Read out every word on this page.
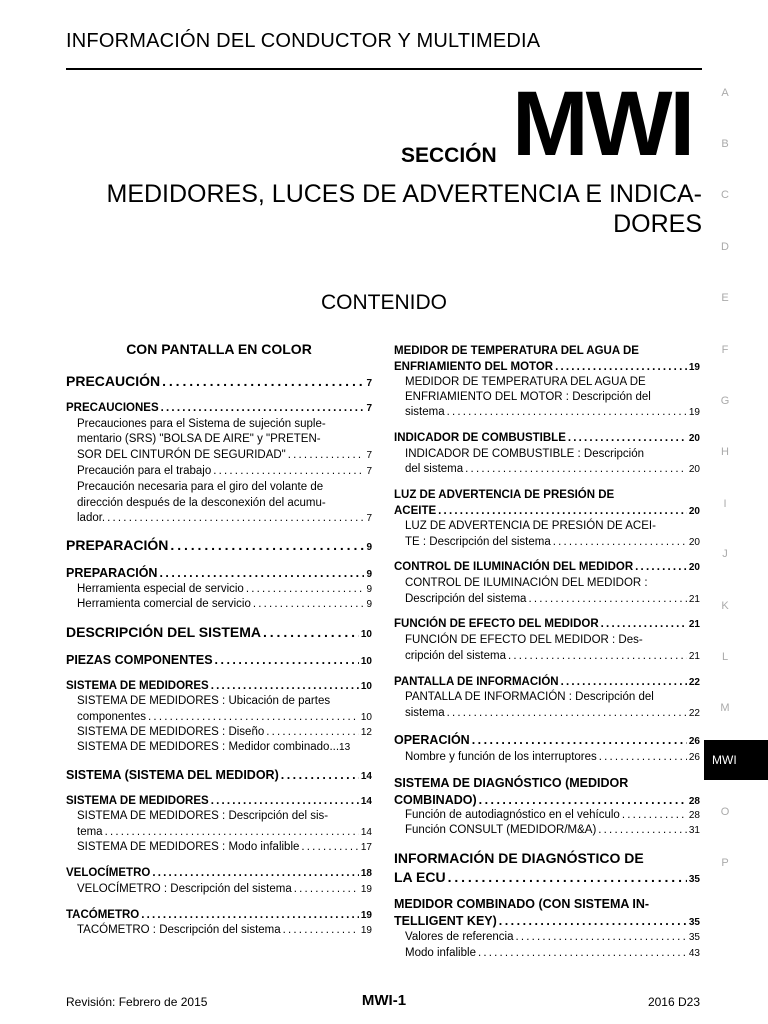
INFORMACIÓN DEL CONDUCTOR Y MULTIMEDIA
SECCIÓN MWI
MEDIDORES, LUCES DE ADVERTENCIA E INDICA-
DORES
CONTENIDO
CON PANTALLA EN COLOR
PRECAUCIÓN . . .	7
PRECAUCIONES . . .	7
Precauciones para el Sistema de sujeción suple-
mentario (SRS) "BOLSA DE AIRE" y "PRETEN-
SOR DEL CINTURÓN DE SEGURIDAD" . . .	7
Precaución para el trabajo . . .	7
Precaución necesaria para el giro del volante de
dirección después de la desconexión del acumu-
lador. . . .	7
PREPARACIÓN . . .	9
PREPARACIÓN . . .	9
Herramienta especial de servicio . . .	9
Herramienta comercial de servicio . . .	9
DESCRIPCIÓN DEL SISTEMA . . .	10
PIEZAS COMPONENTES . . .	10
SISTEMA DE MEDIDORES . . .	10
SISTEMA DE MEDIDORES : Ubicación de partes
componentes . . .	10
SISTEMA DE MEDIDORES : Diseño . . .	12
SISTEMA DE MEDIDORES : Medidor combinado... 13
SISTEMA (SISTEMA DEL MEDIDOR) . . .	14
SISTEMA DE MEDIDORES . . .	14
SISTEMA DE MEDIDORES : Descripción del sis-
tema . . .	14
SISTEMA DE MEDIDORES : Modo infalible . . .	17
VELOCÍMETRO . . .	18
VELOCÍMETRO : Descripción del sistema . . .	19
TACÓMETRO . . .	19
TACÓMETRO : Descripción del sistema . . .	19
MEDIDOR DE TEMPERATURA DEL AGUA DE
ENFRIAMIENTO DEL MOTOR . . .	19
MEDIDOR DE TEMPERATURA DEL AGUA DE
ENFRIAMIENTO DEL MOTOR : Descripción del
sistema . . .	19
INDICADOR DE COMBUSTIBLE . . .	20
INDICADOR DE COMBUSTIBLE : Descripción
del sistema . . .	20
LUZ DE ADVERTENCIA DE PRESIÓN DE
ACEITE . . .	20
LUZ DE ADVERTENCIA DE PRESIÓN DE ACEI-
TE : Descripción del sistema . . .	20
CONTROL DE ILUMINACIÓN DEL MEDIDOR . . .	20
CONTROL DE ILUMINACIÓN DEL MEDIDOR :
Descripción del sistema . . .	21
FUNCIÓN DE EFECTO DEL MEDIDOR . . .	21
FUNCIÓN DE EFECTO DEL MEDIDOR : Des-
cripción del sistema . . .	21
PANTALLA DE INFORMACIÓN . . .	22
PANTALLA DE INFORMACIÓN : Descripción del
sistema . . .	22
OPERACIÓN . . .	26
Nombre y función de los interruptores . . .	26
SISTEMA DE DIAGNÓSTICO (MEDIDOR
COMBINADO) . . .	28
Función de autodiagnóstico en el vehículo . . .	28
Función CONSULT (MEDIDOR/M&A) . . .	31
INFORMACIÓN DE DIAGNÓSTICO DE
LA ECU . . .	35
MEDIDOR COMBINADO (CON SISTEMA IN-
TELLIGENT KEY) . . .	35
Valores de referencia . . .	35
Modo infalible . . .	43
A
B
C
D
E
F
G
H
I
J
K
L
M
MWI
O
P
Revisión: Febrero de 2015	MWI-1	2016 D23
